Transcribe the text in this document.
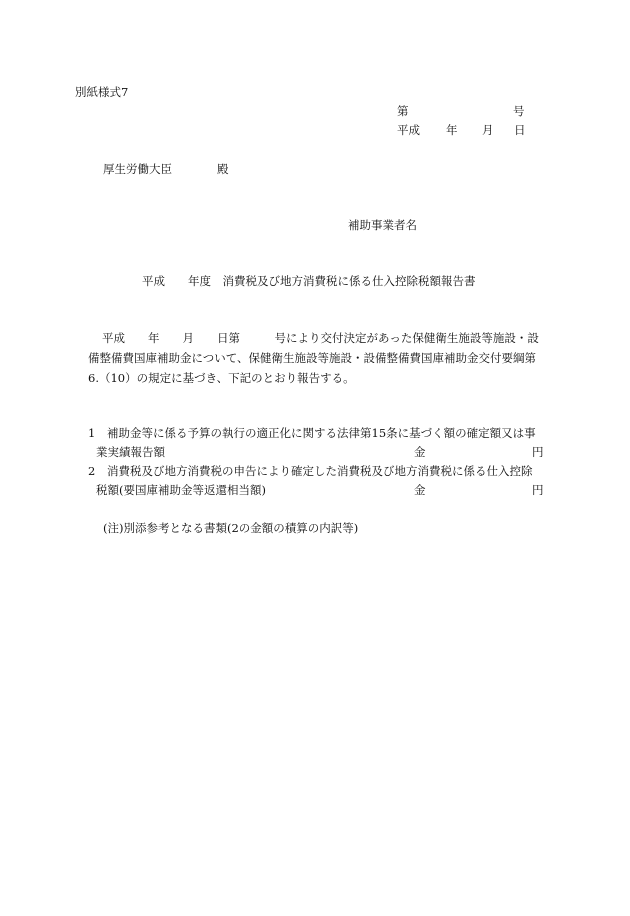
別紙様式7
第	号
平成 年 月 日
厚生労働大臣	殿
補助事業者名
平成　　年度　消費税及び地方消費税に係る仕入控除税額報告書
平成　　年　　月　　日第　　　号により交付決定があった保健衛生施設等施設・設
備整備費国庫補助金について、保健衛生施設等施設・設備整備費国庫補助金交付要綱第
6.（10）の規定に基づき、下記のとおり報告する。
1 補助金等に係る予算の執行の適正化に関する法律第15条に基づく額の確定額又は事
業実績報告額	金	円
2 消費税及び地方消費税の申告により確定した消費税及び地方消費税に係る仕入控除
税額(要国庫補助金等返還相当額)	金	円
(注)別添参考となる書類(2の金額の積算の内訳等)
